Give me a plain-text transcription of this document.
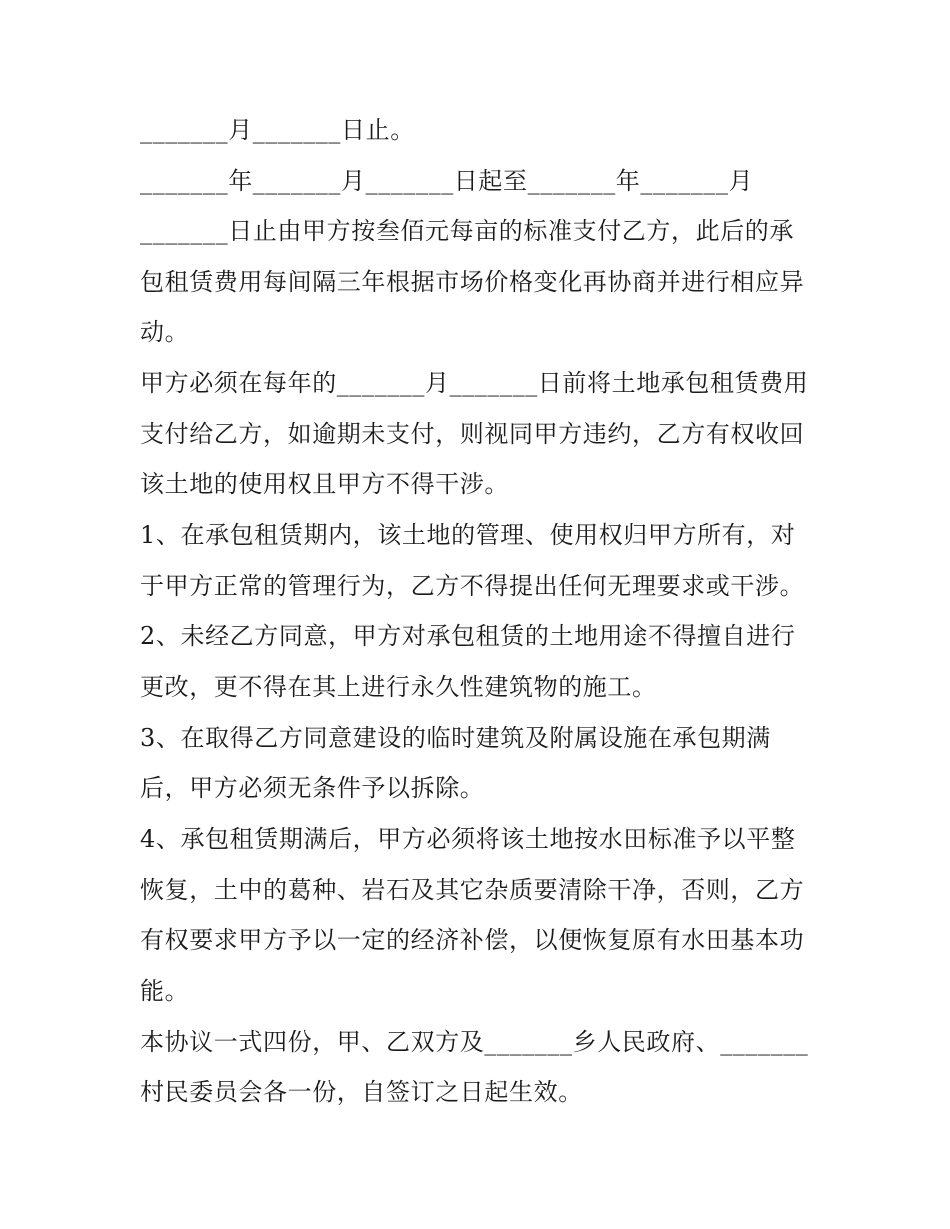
_______月_______日止。
_______年_______月_______日起至_______年_______月
_______日止由甲方按叁佰元每亩的标准支付乙方，此后的承
包租赁费用每间隔三年根据市场价格变化再协商并进行相应异
动。
甲方必须在每年的_______月_______日前将土地承包租赁费用
支付给乙方，如逾期未支付，则视同甲方违约，乙方有权收回
该土地的使用权且甲方不得干涉。
1、在承包租赁期内，该土地的管理、使用权归甲方所有，对
于甲方正常的管理行为，乙方不得提出任何无理要求或干涉。
2、未经乙方同意，甲方对承包租赁的土地用途不得擅自进行
更改，更不得在其上进行永久性建筑物的施工。
3、在取得乙方同意建设的临时建筑及附属设施在承包期满
后，甲方必须无条件予以拆除。
4、承包租赁期满后，甲方必须将该土地按水田标准予以平整
恢复，土中的葛种、岩石及其它杂质要清除干净，否则，乙方
有权要求甲方予以一定的经济补偿，以便恢复原有水田基本功
能。
本协议一式四份，甲、乙双方及_______乡人民政府、_______
村民委员会各一份，自签订之日起生效。
